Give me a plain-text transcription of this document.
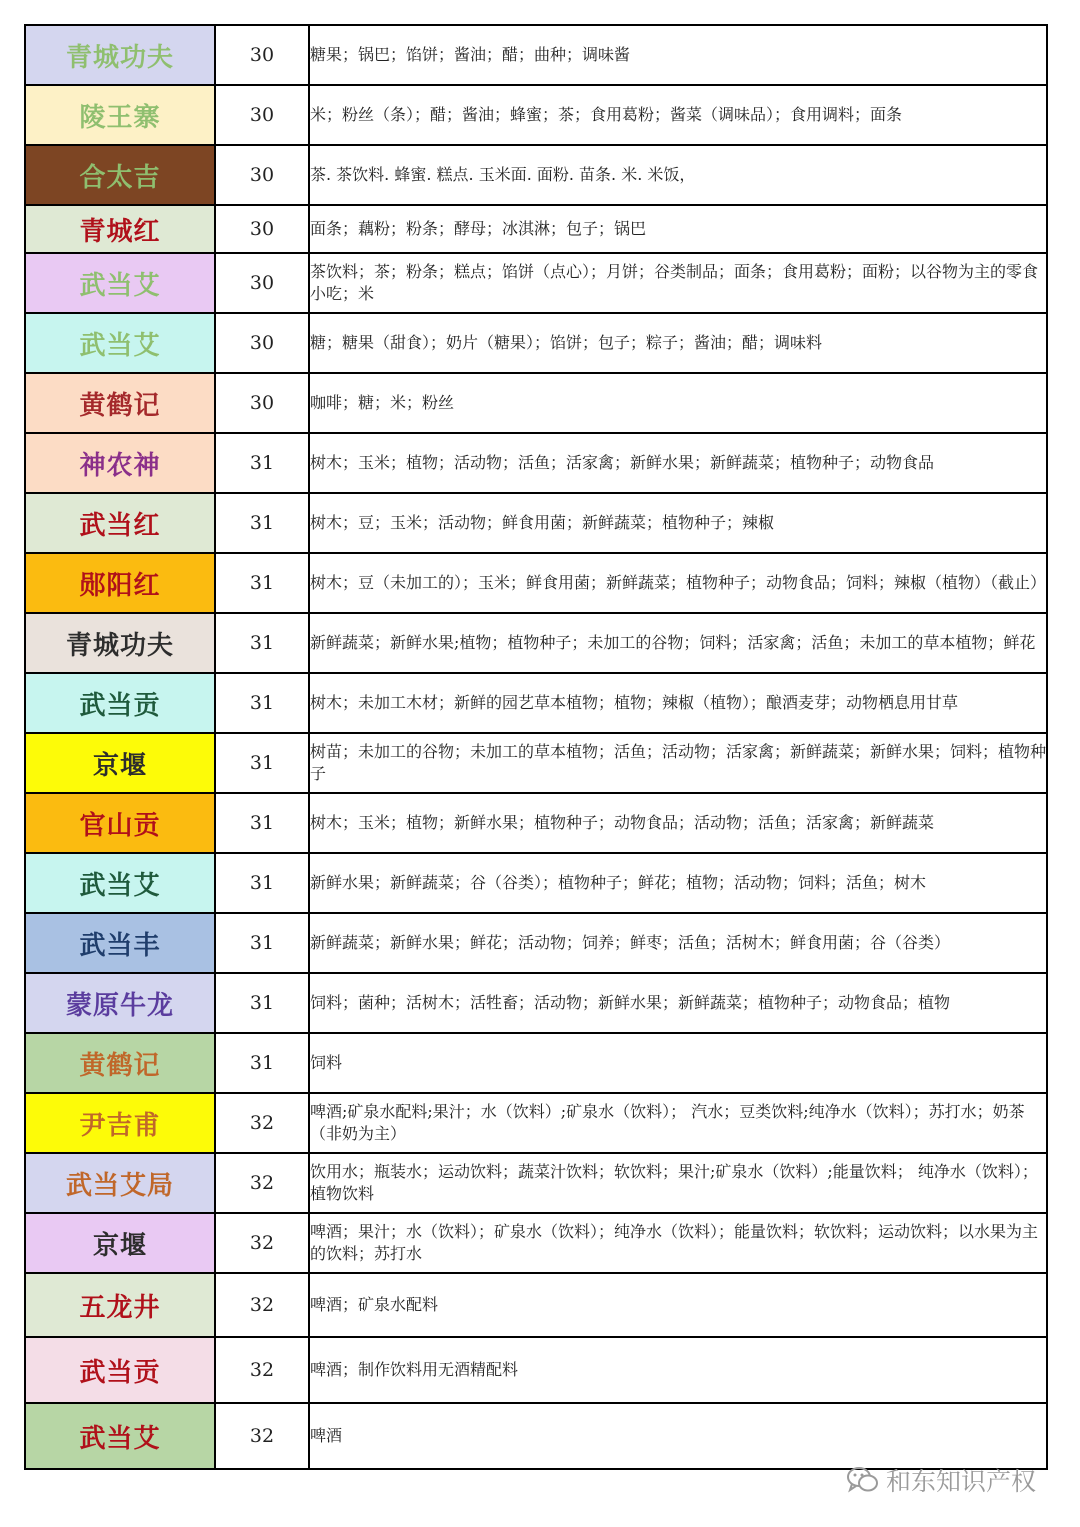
青城功夫	30	糖果；锅巴；馅饼；酱油；醋；曲种；调味酱
陵王寨	30	米；粉丝（条）；醋；酱油；蜂蜜；茶；食用葛粉；酱菜（调味品）；食用调料；面条
合太吉	30	茶. 茶饮料. 蜂蜜. 糕点. 玉米面. 面粉. 苗条. 米. 米饭，
青城红	30	面条；藕粉；粉条；酵母；冰淇淋；包子；锅巴
武当艾	30	茶饮料；茶；粉条；糕点；馅饼（点心）；月饼；谷类制品；面条；食用葛粉；面粉；以谷物为主的零食小吃；米
武当艾	30	糖；糖果（甜食）；奶片（糖果）；馅饼；包子；粽子；酱油；醋；调味料
黄鹤记	30	咖啡；糖；米；粉丝
神农神	31	树木；玉米；植物；活动物；活鱼；活家禽；新鲜水果；新鲜蔬菜；植物种子；动物食品
武当红	31	树木；豆；玉米；活动物；鲜食用菌；新鲜蔬菜；植物种子；辣椒
郧阳红	31	树木；豆（未加工的）；玉米；鲜食用菌；新鲜蔬菜；植物种子；动物食品；饲料；辣椒（植物）（截止）
青城功夫	31	新鲜蔬菜；新鲜水果;植物；植物种子；未加工的谷物；饲料；活家禽；活鱼；未加工的草本植物；鲜花
武当贡	31	树木；未加工木材；新鲜的园艺草本植物；植物；辣椒（植物）；酿酒麦芽；动物栖息用甘草
京堰	31	树苗；未加工的谷物；未加工的草本植物；活鱼；活动物；活家禽；新鲜蔬菜；新鲜水果；饲料；植物种子
官山贡	31	树木；玉米；植物；新鲜水果；植物种子；动物食品；活动物；活鱼；活家禽；新鲜蔬菜
武当艾	31	新鲜水果；新鲜蔬菜；谷（谷类）；植物种子；鲜花；植物；活动物；饲料；活鱼；树木
武当丰	31	新鲜蔬菜；新鲜水果；鲜花；活动物；饲养；鲜枣；活鱼；活树木；鲜食用菌；谷（谷类）
蒙原牛龙	31	饲料；菌种；活树木；活牲畜；活动物；新鲜水果；新鲜蔬菜；植物种子；动物食品；植物
黄鹤记	31	饲料
尹吉甫	32	啤酒;矿泉水配料;果汁；水（饮料）;矿泉水（饮料）； 汽水；豆类饮料;纯净水（饮料）；苏打水；奶茶（非奶为主）
武当艾局	32	饮用水；瓶装水；运动饮料；蔬菜汁饮料；软饮料；果汁;矿泉水（饮料）;能量饮料； 纯净水（饮料）；植物饮料
京堰	32	啤酒；果汁；水（饮料）；矿泉水（饮料）；纯净水（饮料）；能量饮料；软饮料；运动饮料；以水果为主的饮料；苏打水
五龙井	32	啤酒；矿泉水配料
武当贡	32	啤酒；制作饮料用无酒精配料
武当艾	32	啤酒
和东知识产权
